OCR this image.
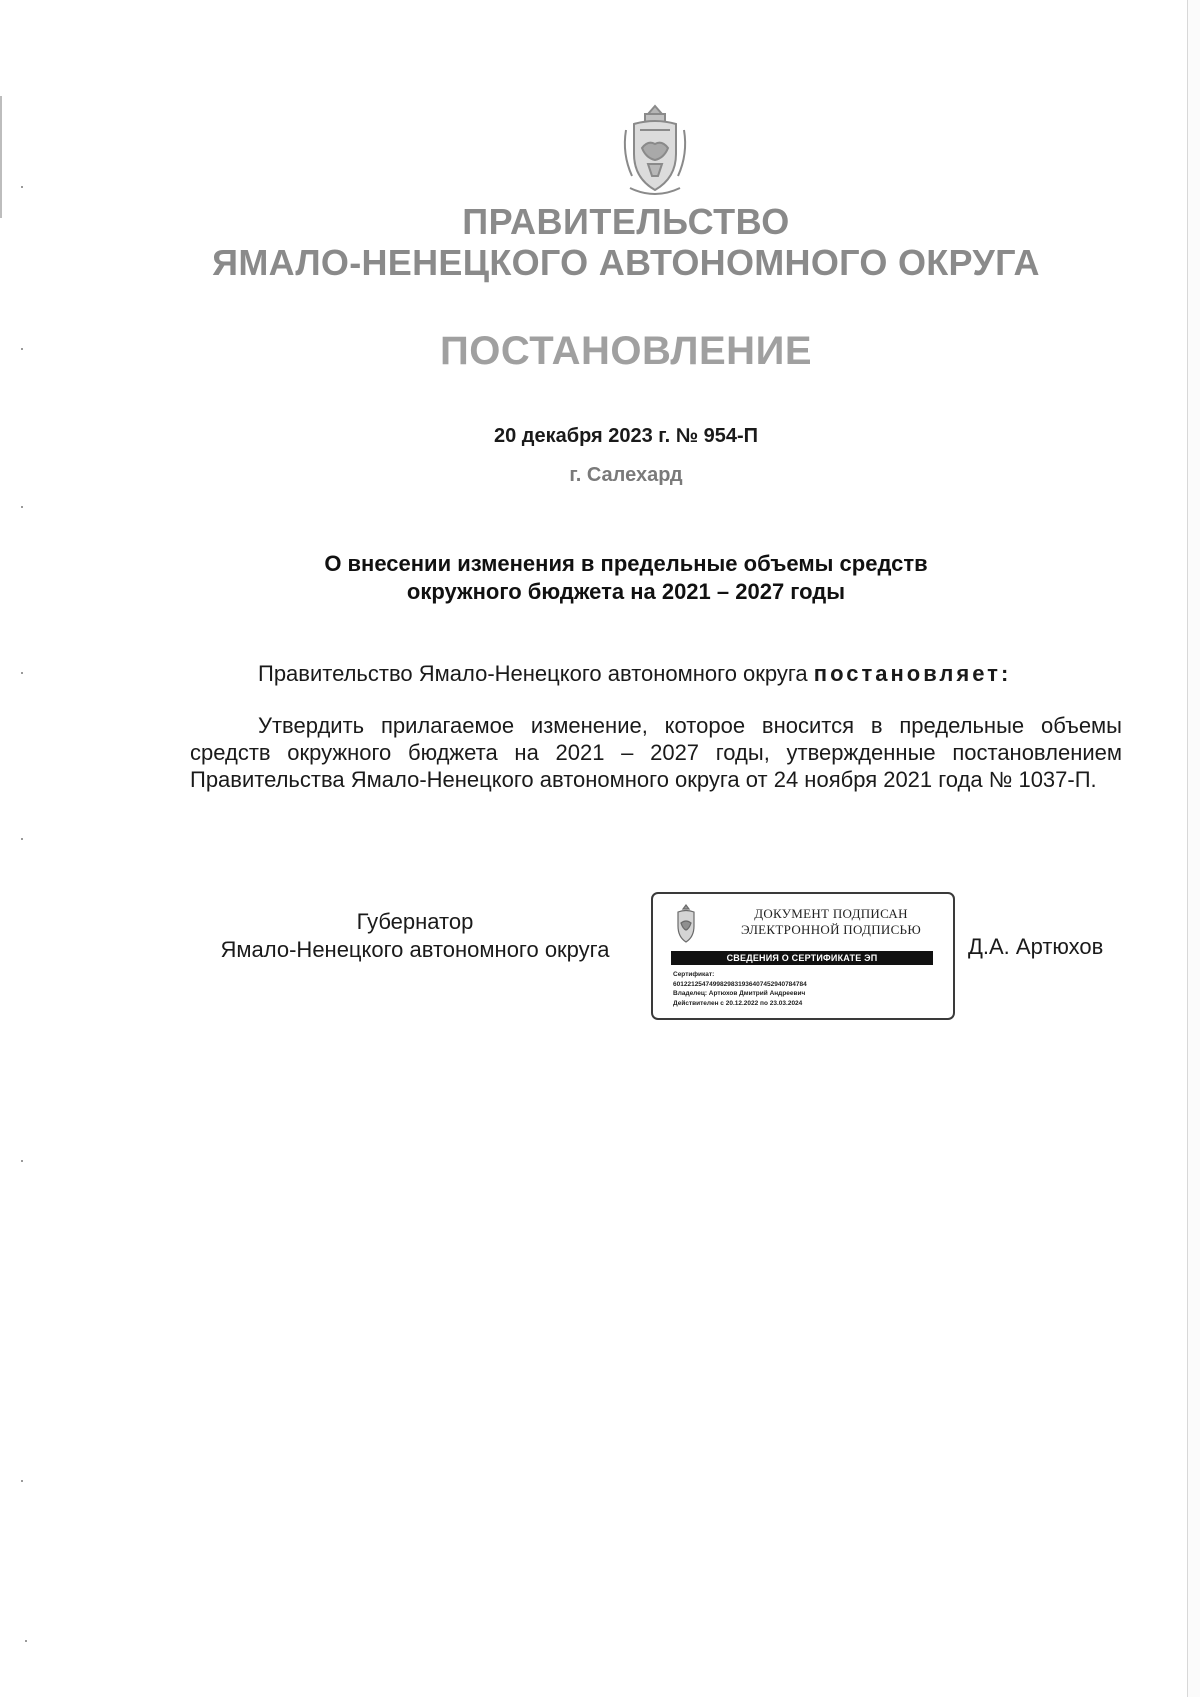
ПРАВИТЕЛЬСТВО
ЯМАЛО-НЕНЕЦКОГО АВТОНОМНОГО ОКРУГА
ПОСТАНОВЛЕНИЕ
20 декабря 2023 г. № 954-П
г. Салехард
О внесении изменения в предельные объемы средств
окружного бюджета на 2021 – 2027 годы
Правительство Ямало-Ненецкого автономного округа постановляет:
Утвердить прилагаемое изменение, которое вносится в предельные объемы средств окружного бюджета на 2021 – 2027 годы, утвержденные постановлением Правительства Ямало-Ненецкого автономного округа от 24 ноября 2021 года № 1037-П.
Губернатор
Ямало-Ненецкого автономного округа
ДОКУМЕНТ ПОДПИСАН
ЭЛЕКТРОННОЙ ПОДПИСЬЮ
СВЕДЕНИЯ О СЕРТИФИКАТЕ ЭП
Сертификат:
6012212547499829831936407452940784784
Владелец: Артюхов Дмитрий Андреевич
Действителен с 20.12.2022 по 23.03.2024
Д.А. Артюхов
